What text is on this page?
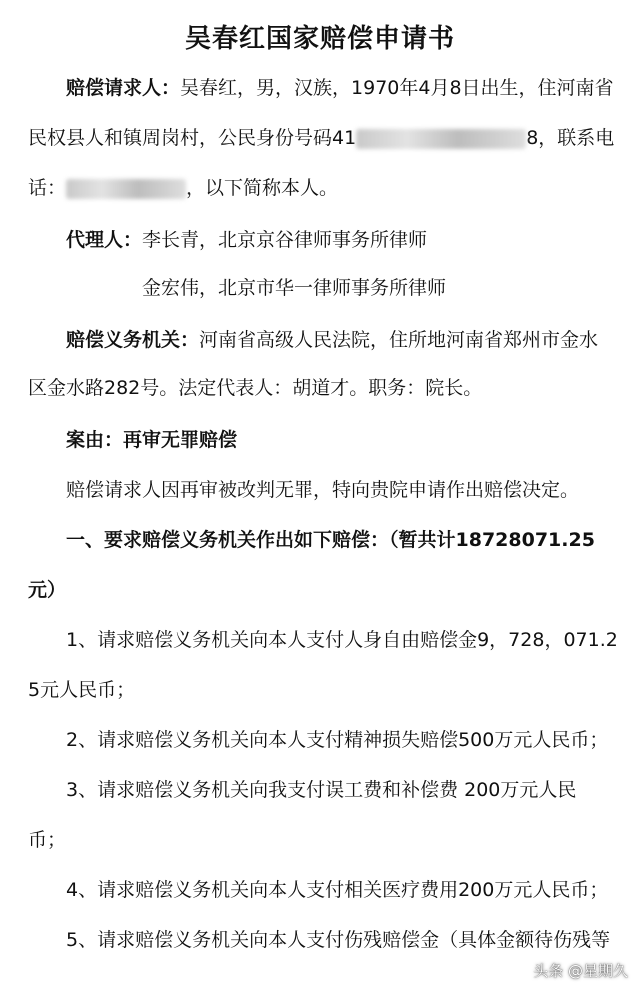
吴春红国家赔偿申请书
赔偿请求人：吴春红，男，汉族，1970年4月8日出生，住河南省
民权县人和镇周岗村，公民身份号码41	8，联系电
话：	，以下简称本人。
代理人：李长青，北京京谷律师事务所律师
金宏伟，北京市华一律师事务所律师
赔偿义务机关：河南省高级人民法院，住所地河南省郑州市金水
区金水路282号。法定代表人：胡道才。职务：院长。
案由：再审无罪赔偿
赔偿请求人因再审被改判无罪，特向贵院申请作出赔偿决定。
一、要求赔偿义务机关作出如下赔偿：（暂共计18728071.25
元）
1、请求赔偿义务机关向本人支付人身自由赔偿金9，728，071.2
5元人民币；
2、请求赔偿义务机关向本人支付精神损失赔偿500万元人民币；
3、请求赔偿义务机关向我支付误工费和补偿费 200万元人民
币；
4、请求赔偿义务机关向本人支付相关医疗费用200万元人民币；
5、请求赔偿义务机关向本人支付伤残赔偿金（具体金额待伤残等
头条 @星期久
